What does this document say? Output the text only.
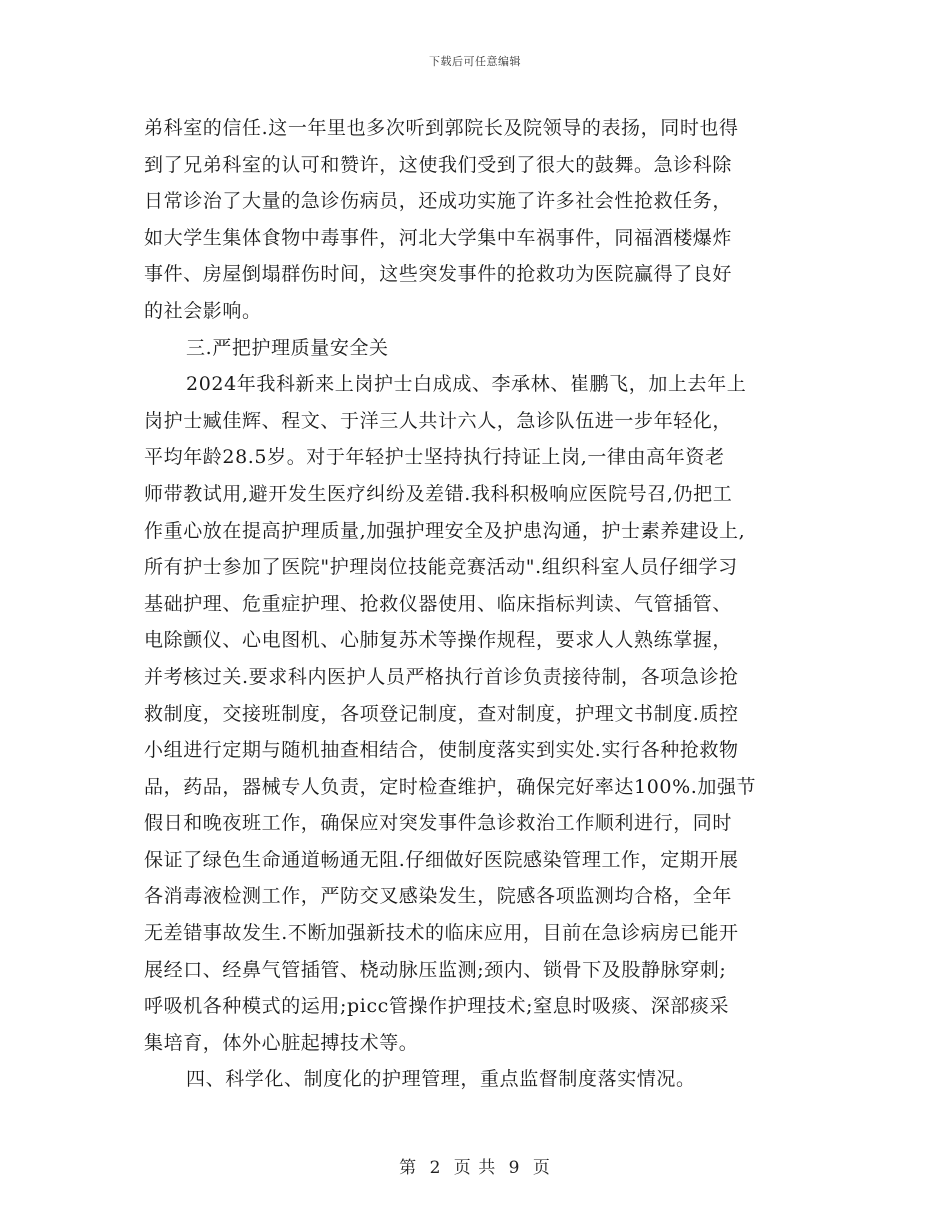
下载后可任意编辑
弟科室的信任.这一年里也多次听到郭院长及院领导的表扬，同时也得
到了兄弟科室的认可和赞许，这使我们受到了很大的鼓舞。急诊科除
日常诊治了大量的急诊伤病员，还成功实施了许多社会性抢救任务，
如大学生集体食物中毒事件，河北大学集中车祸事件，同福酒楼爆炸
事件、房屋倒塌群伤时间，这些突发事件的抢救功为医院赢得了良好
的社会影响。
三.严把护理质量安全关
2024年我科新来上岗护士白成成、李承林、崔鹏飞，加上去年上
岗护士臧佳辉、程文、于洋三人共计六人，急诊队伍进一步年轻化，
平均年龄28.5岁。对于年轻护士坚持执行持证上岗,一律由高年资老
师带教试用,避开发生医疗纠纷及差错.我科积极响应医院号召,仍把工
作重心放在提高护理质量,加强护理安全及护患沟通，护士素养建设上,
所有护士参加了医院"护理岗位技能竞赛活动".组织科室人员仔细学习
基础护理、危重症护理、抢救仪器使用、临床指标判读、气管插管、
电除颤仪、心电图机、心肺复苏术等操作规程，要求人人熟练掌握，
并考核过关.要求科内医护人员严格执行首诊负责接待制，各项急诊抢
救制度，交接班制度，各项登记制度，查对制度，护理文书制度.质控
小组进行定期与随机抽查相结合，使制度落实到实处.实行各种抢救物
品，药品，器械专人负责，定时检查维护，确保完好率达100%.加强节
假日和晚夜班工作，确保应对突发事件急诊救治工作顺利进行，同时
保证了绿色生命通道畅通无阻.仔细做好医院感染管理工作，定期开展
各消毒液检测工作，严防交叉感染发生，院感各项监测均合格，全年
无差错事故发生.不断加强新技术的临床应用，目前在急诊病房已能开
展经口、经鼻气管插管、桡动脉压监测;颈内、锁骨下及股静脉穿刺;
呼吸机各种模式的运用;picc管操作护理技术;窒息时吸痰、深部痰采
集培育，体外心脏起搏技术等。
四、科学化、制度化的护理管理，重点监督制度落实情况。
第 2 页 共 9 页
